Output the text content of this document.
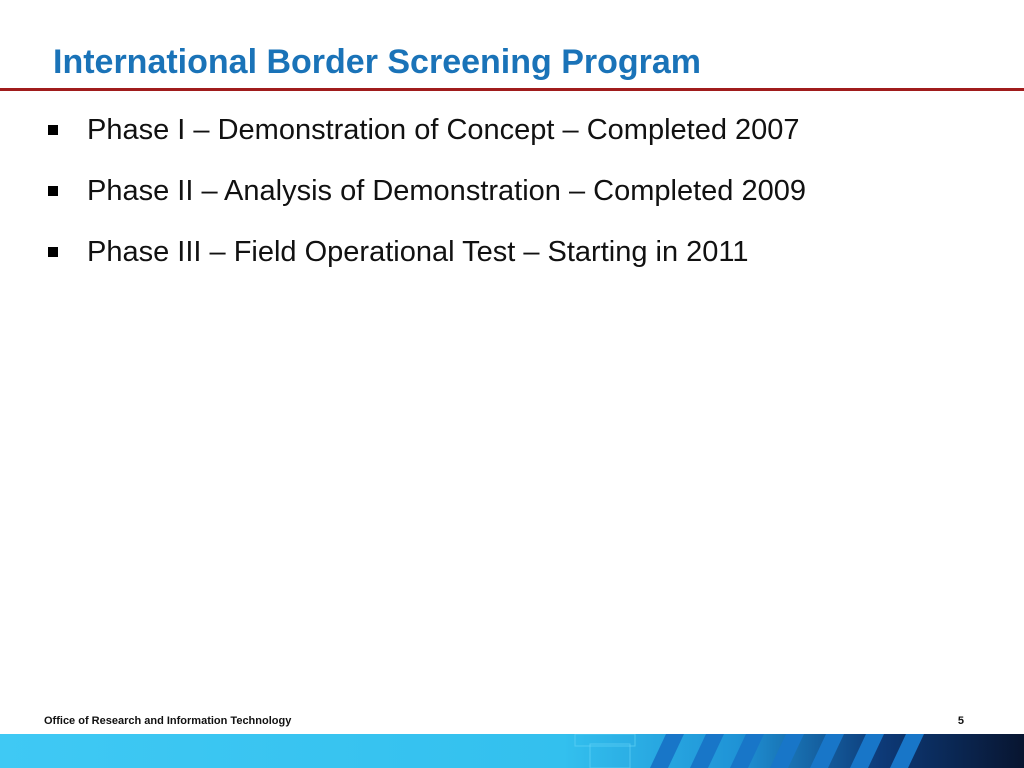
International Border Screening Program
Phase I – Demonstration of Concept – Completed 2007
Phase II – Analysis of Demonstration – Completed 2009
Phase III – Field Operational Test – Starting in 2011
Office of Research and Information Technology	5
